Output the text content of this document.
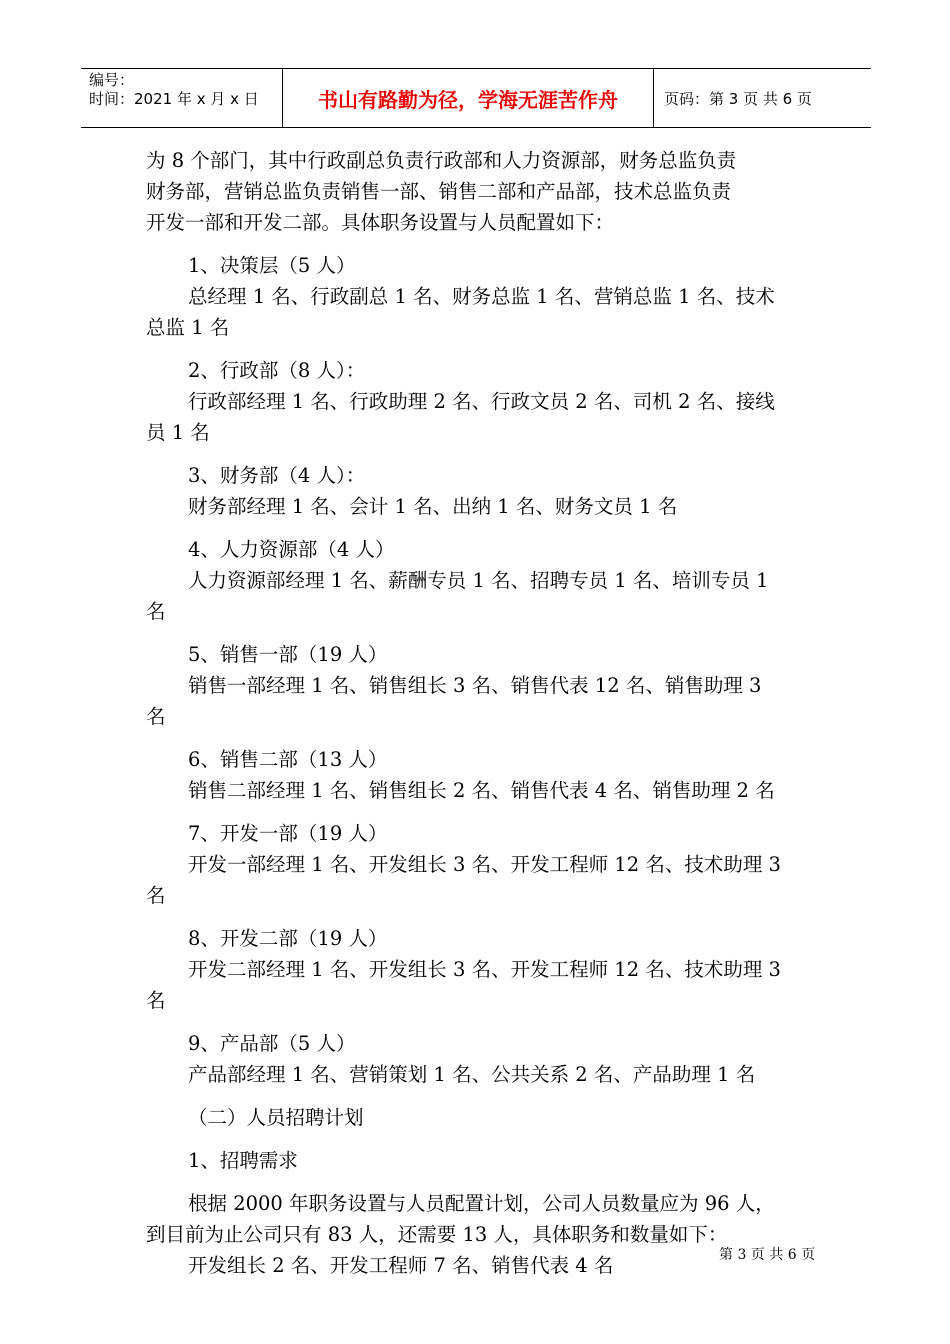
编号：
时间：2021 年 x 月 x 日	书山有路勤为径，学海无涯苦作舟	页码：第 3 页 共 6 页
为 8 个部门，其中行政副总负责行政部和人力资源部，财务总监负责
财务部，营销总监负责销售一部、销售二部和产品部，技术总监负责
开发一部和开发二部。具体职务设置与人员配置如下：
1、决策层（5 人）
总经理 1 名、行政副总 1 名、财务总监 1 名、营销总监 1 名、技术
总监 1 名
2、行政部（8 人）：
行政部经理 1 名、行政助理 2 名、行政文员 2 名、司机 2 名、接线
员 1 名
3、财务部（4 人）：
财务部经理 1 名、会计 1 名、出纳 1 名、财务文员 1 名
4、人力资源部（4 人）
人力资源部经理 1 名、薪酬专员 1 名、招聘专员 1 名、培训专员 1
名
5、销售一部（19 人）
销售一部经理 1 名、销售组长 3 名、销售代表 12 名、销售助理 3
名
6、销售二部（13 人）
销售二部经理 1 名、销售组长 2 名、销售代表 4 名、销售助理 2 名
7、开发一部（19 人）
开发一部经理 1 名、开发组长 3 名、开发工程师 12 名、技术助理 3
名
8、开发二部（19 人）
开发二部经理 1 名、开发组长 3 名、开发工程师 12 名、技术助理 3
名
9、产品部（5 人）
产品部经理 1 名、营销策划 1 名、公共关系 2 名、产品助理 1 名
（二）人员招聘计划
1、招聘需求
根据 2000 年职务设置与人员配置计划，公司人员数量应为 96 人，
到目前为止公司只有 83 人，还需要 13 人，具体职务和数量如下：
开发组长 2 名、开发工程师 7 名、销售代表 4 名	第 3 页 共 6 页
